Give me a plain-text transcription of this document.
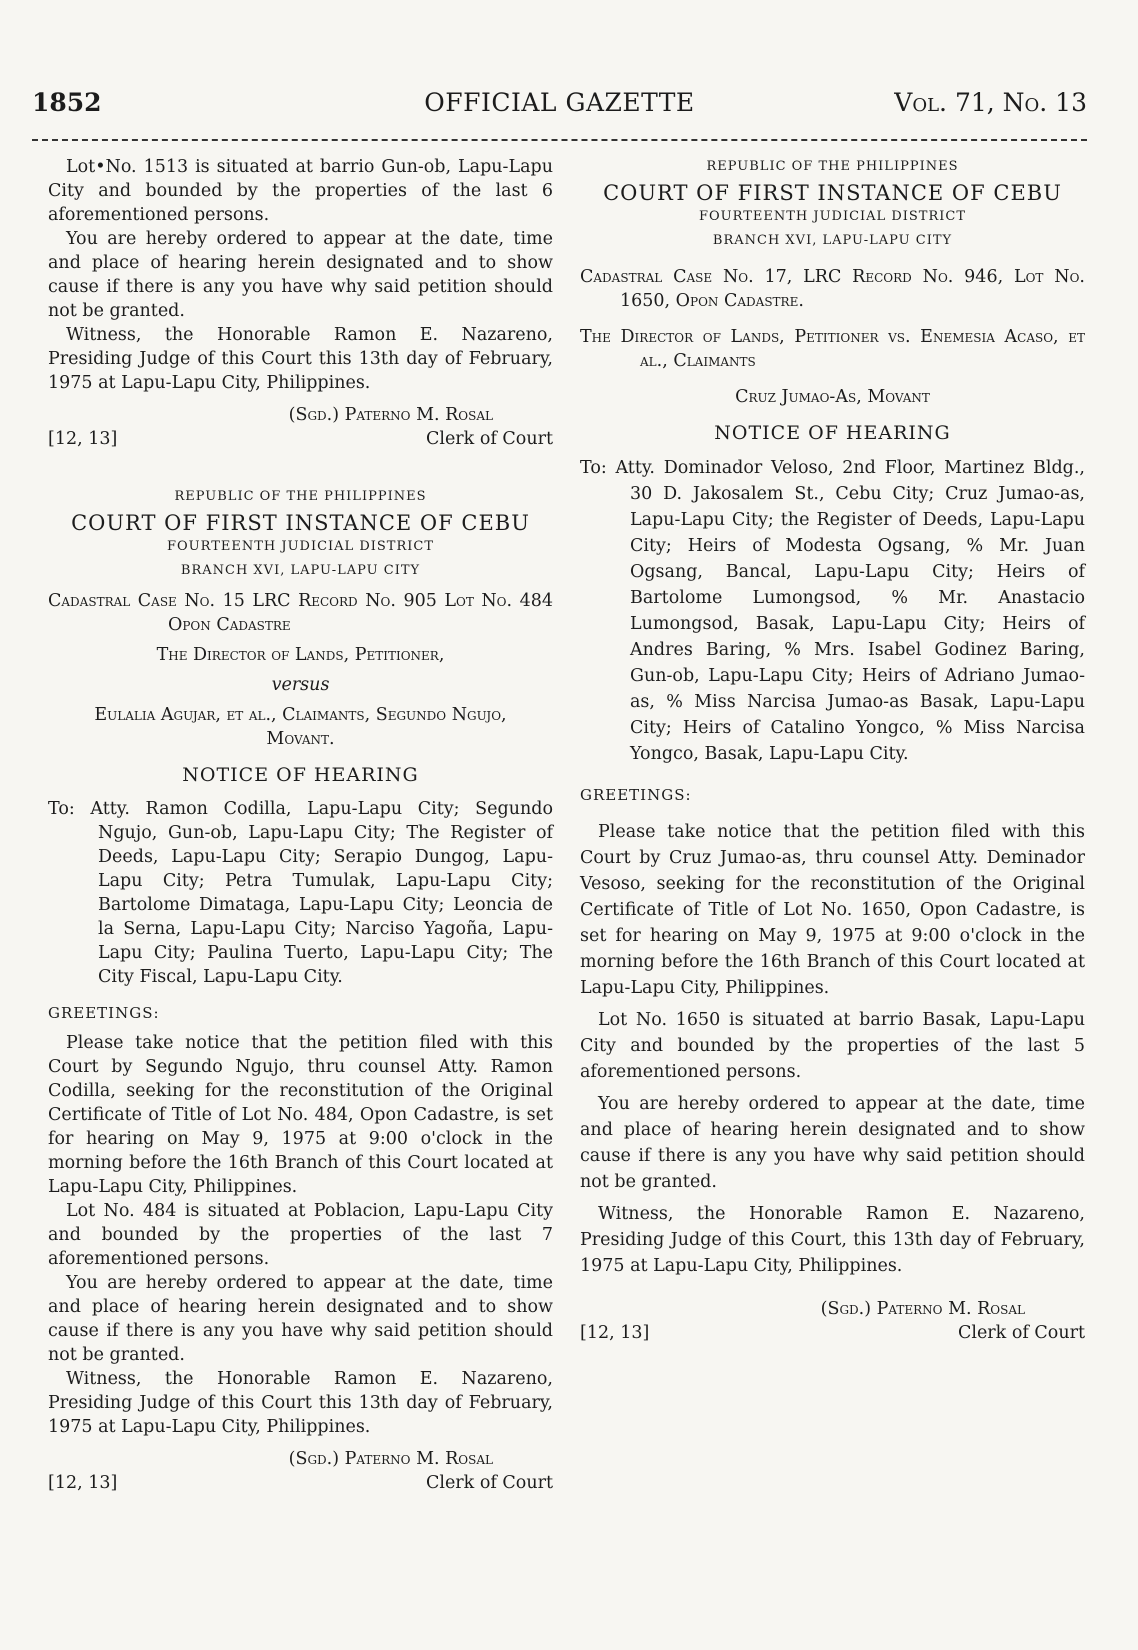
1852	OFFICIAL GAZETTE	Vol. 71, No. 13

Lot•No. 1513 is situated at barrio Gun-ob, Lapu-Lapu City and bounded by the properties of the last 6 aforementioned persons.

You are hereby ordered to appear at the date, time and place of hearing herein designated and to show cause if there is any you have why said petition should not be granted.

Witness, the Honorable Ramon E. Nazareno, Presiding Judge of this Court this 13th day of February, 1975 at Lapu-Lapu City, Philippines.

(Sgd.) Paterno M. Rosal
[12, 13]	Clerk of Court
REPUBLIC OF THE PHILIPPINES
COURT OF FIRST INSTANCE OF CEBU
FOURTEENTH JUDICIAL DISTRICT
BRANCH XVI, LAPU-LAPU CITY

Cadastral Case No. 15 LRC Record No. 905 Lot No. 484 Opon Cadastre

The Director of Lands, Petitioner,

versus

Eulalia Agujar, et al., Claimants, Segundo Ngujo, Movant.

NOTICE OF HEARING
To: Atty. Ramon Codilla, Lapu-Lapu City; Segundo Ngujo, Gun-ob, Lapu-Lapu City; The Register of Deeds, Lapu-Lapu City; Serapio Dungog, Lapu-Lapu City; Petra Tumulak, Lapu-Lapu City; Bartolome Dimataga, Lapu-Lapu City; Leoncia de la Serna, Lapu-Lapu City; Narciso Yagoña, Lapu-Lapu City; Paulina Tuerto, Lapu-Lapu City; The City Fiscal, Lapu-Lapu City.
GREETINGS:

Please take notice that the petition filed with this Court by Segundo Ngujo, thru counsel Atty. Ramon Codilla, seeking for the reconstitution of the Original Certificate of Title of Lot No. 484, Opon Cadastre, is set for hearing on May 9, 1975 at 9:00 o'clock in the morning before the 16th Branch of this Court located at Lapu-Lapu City, Philippines.

Lot No. 484 is situated at Poblacion, Lapu-Lapu City and bounded by the properties of the last 7 aforementioned persons.

You are hereby ordered to appear at the date, time and place of hearing herein designated and to show cause if there is any you have why said petition should not be granted.

Witness, the Honorable Ramon E. Nazareno, Presiding Judge of this Court this 13th day of February, 1975 at Lapu-Lapu City, Philippines.

(Sgd.) Paterno M. Rosal
[12, 13]	Clerk of Court
REPUBLIC OF THE PHILIPPINES
COURT OF FIRST INSTANCE OF CEBU
FOURTEENTH JUDICIAL DISTRICT
BRANCH XVI, LAPU-LAPU CITY

Cadastral Case No. 17, LRC Record No. 946, Lot No. 1650, Opon Cadastre.

The Director of Lands, Petitioner vs. Enemesia Acaso, et al., Claimants

Cruz Jumao-As, Movant

NOTICE OF HEARING
To: Atty. Dominador Veloso, 2nd Floor, Martinez Bldg., 30 D. Jakosalem St., Cebu City; Cruz Jumao-as, Lapu-Lapu City; the Register of Deeds, Lapu-Lapu City; Heirs of Modesta Ogsang, % Mr. Juan Ogsang, Bancal, Lapu-Lapu City; Heirs of Bartolome Lumongsod, % Mr. Anastacio Lumongsod, Basak, Lapu-Lapu City; Heirs of Andres Baring, % Mrs. Isabel Godinez Baring, Gun-ob, Lapu-Lapu City; Heirs of Adriano Jumao-as, % Miss Narcisa Jumao-as Basak, Lapu-Lapu City; Heirs of Catalino Yongco, % Miss Narcisa Yongco, Basak, Lapu-Lapu City.
GREETINGS:

Please take notice that the petition filed with this Court by Cruz Jumao-as, thru counsel Atty. Deminador Vesoso, seeking for the reconstitution of the Original Certificate of Title of Lot No. 1650, Opon Cadastre, is set for hearing on May 9, 1975 at 9:00 o'clock in the morning before the 16th Branch of this Court located at Lapu-Lapu City, Philippines.

Lot No. 1650 is situated at barrio Basak, Lapu-Lapu City and bounded by the properties of the last 5 aforementioned persons.

You are hereby ordered to appear at the date, time and place of hearing herein designated and to show cause if there is any you have why said petition should not be granted.

Witness, the Honorable Ramon E. Nazareno, Presiding Judge of this Court, this 13th day of February, 1975 at Lapu-Lapu City, Philippines.

(Sgd.) Paterno M. Rosal
[12, 13]	Clerk of Court
